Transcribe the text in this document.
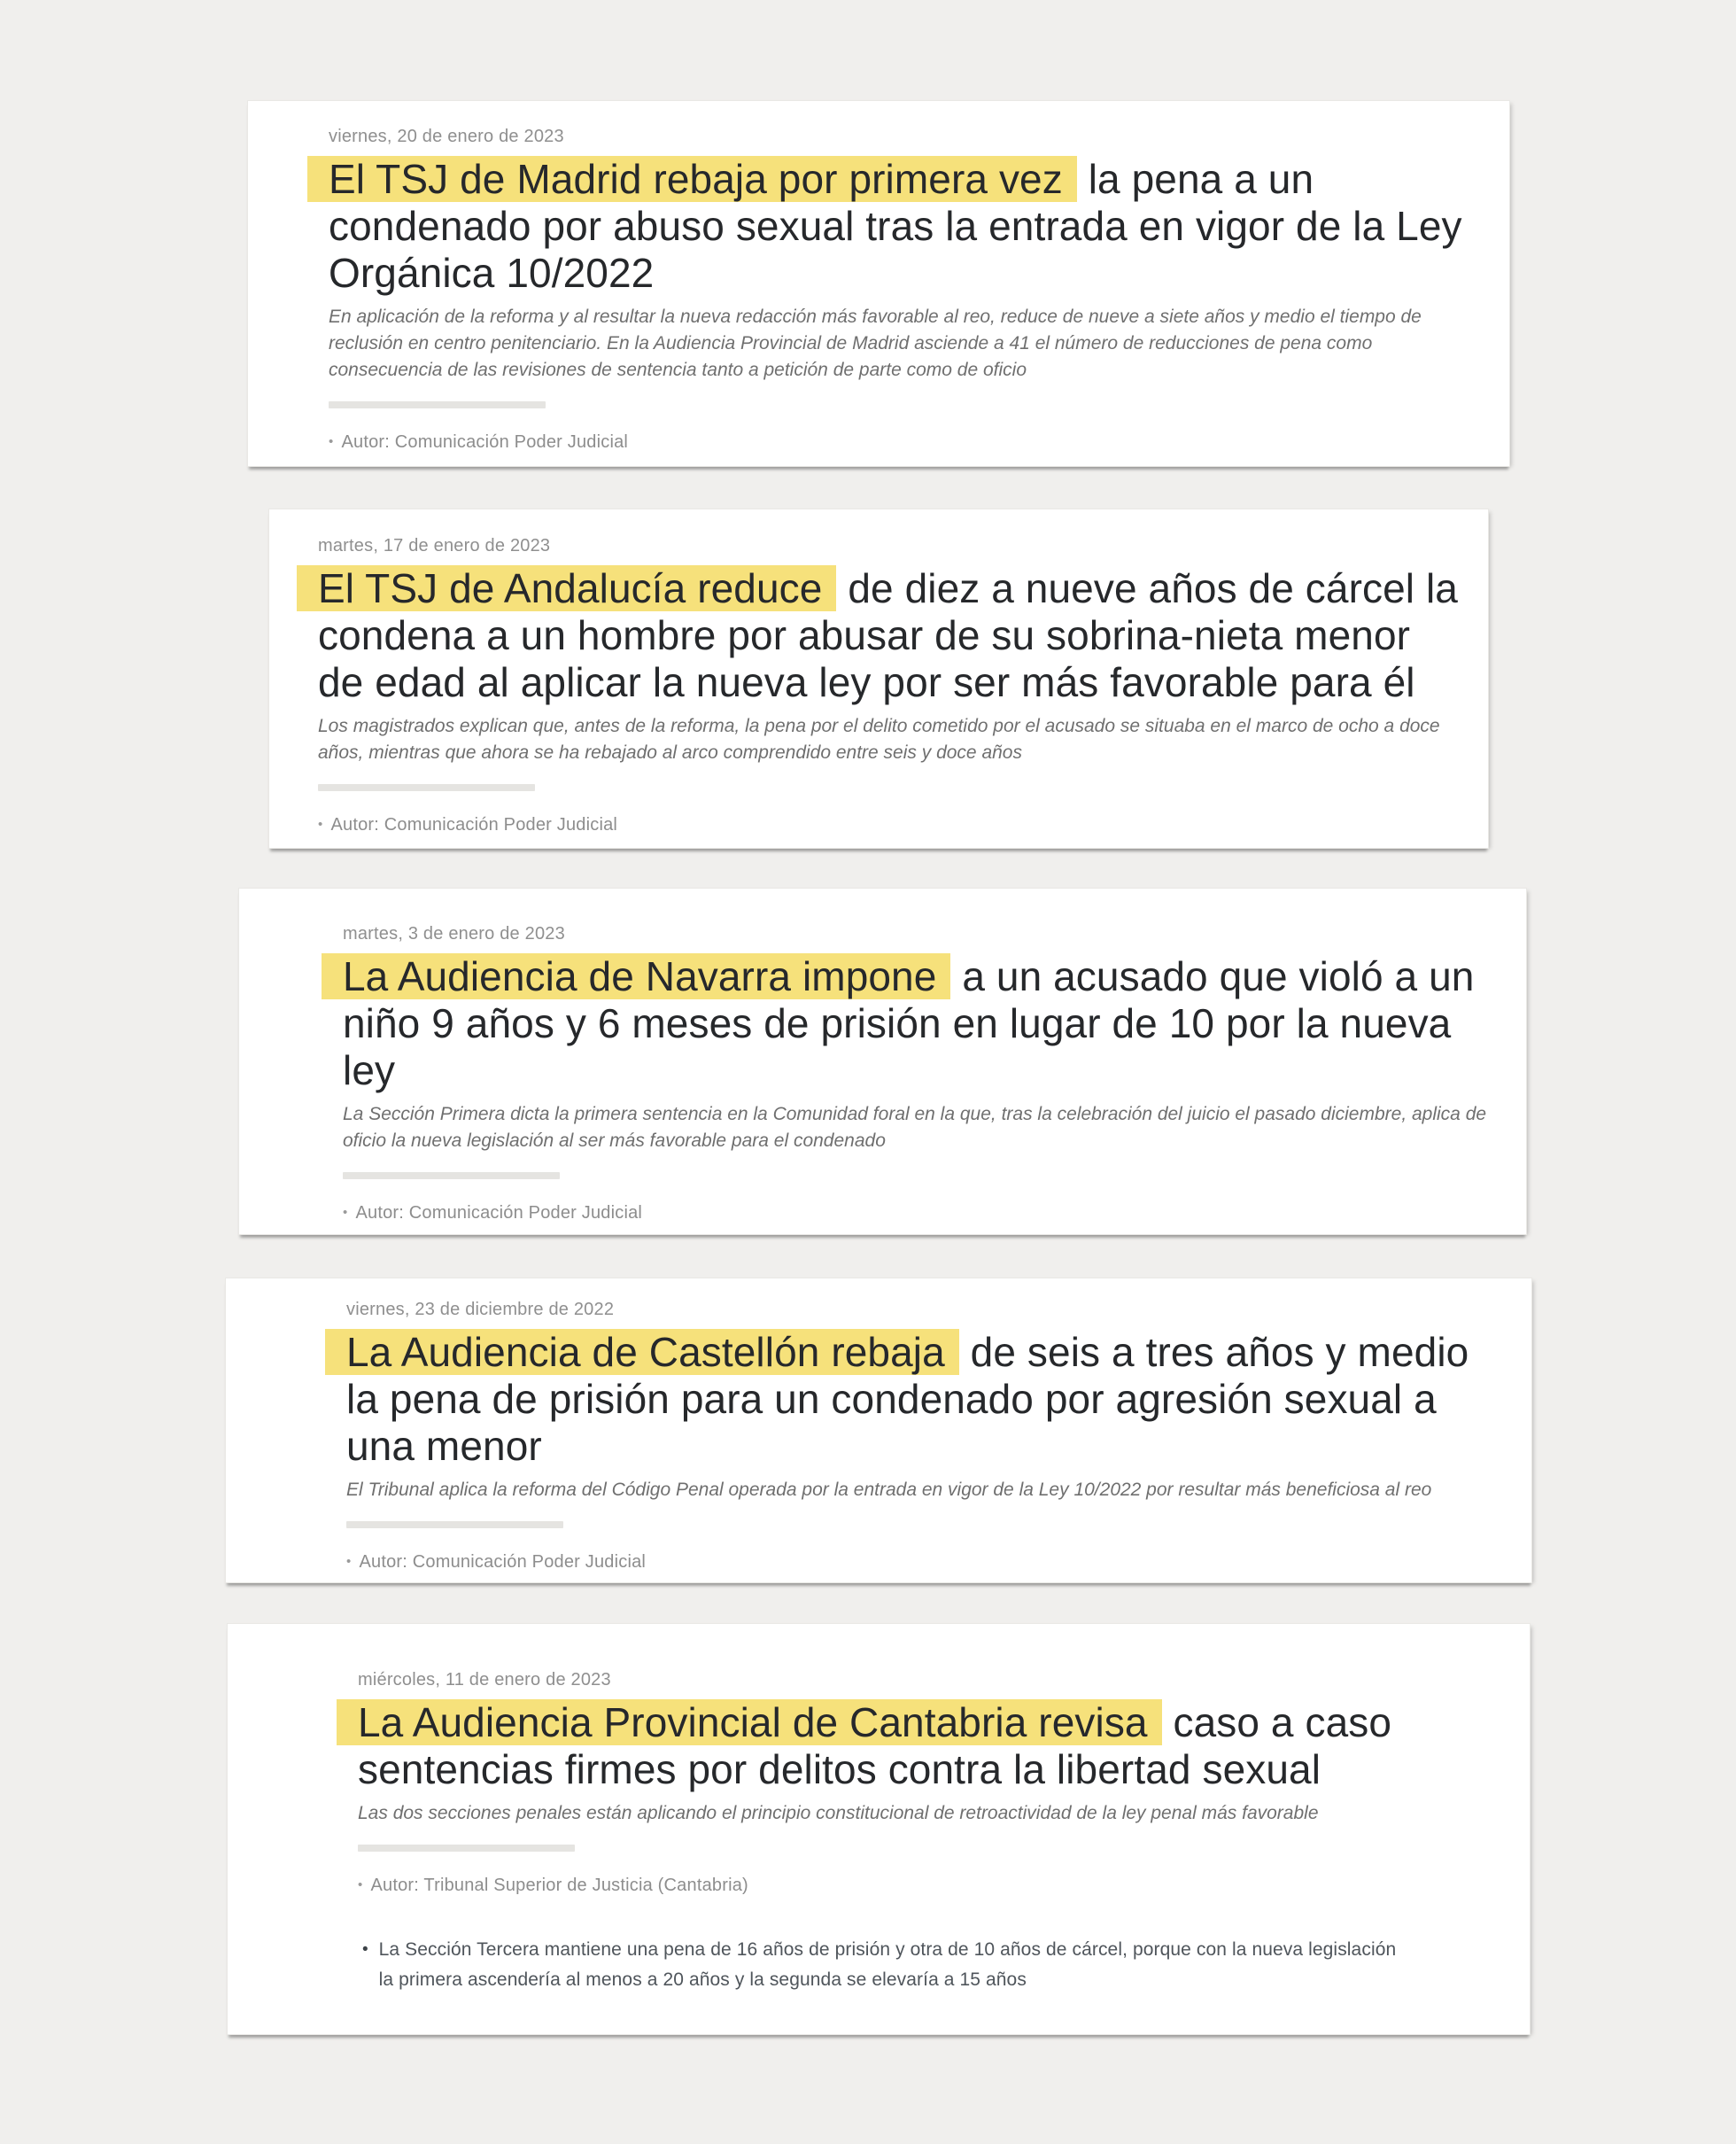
viernes, 20 de enero de 2023
El TSJ de Madrid rebaja por primera vez la pena a un condenado por abuso sexual tras la entrada en vigor de la Ley Orgánica 10/2022

En aplicación de la reforma y al resultar la nueva redacción más favorable al reo, reduce de nueve a siete años y medio el tiempo de reclusión en centro penitenciario. En la Audiencia Provincial de Madrid asciende a 41 el número de reducciones de pena como consecuencia de las revisiones de sentencia tanto a petición de parte como de oficio

• Autor: Comunicación Poder Judicial
martes, 17 de enero de 2023
El TSJ de Andalucía reduce de diez a nueve años de cárcel la condena a un hombre por abusar de su sobrina-nieta menor de edad al aplicar la nueva ley por ser más favorable para él

Los magistrados explican que, antes de la reforma, la pena por el delito cometido por el acusado se situaba en el marco de ocho a doce años, mientras que ahora se ha rebajado al arco comprendido entre seis y doce años

• Autor: Comunicación Poder Judicial
martes, 3 de enero de 2023
La Audiencia de Navarra impone a un acusado que violó a un niño 9 años y 6 meses de prisión en lugar de 10 por la nueva ley

La Sección Primera dicta la primera sentencia en la Comunidad foral en la que, tras la celebración del juicio el pasado diciembre, aplica de oficio la nueva legislación al ser más favorable para el condenado

• Autor: Comunicación Poder Judicial
viernes, 23 de diciembre de 2022
La Audiencia de Castellón rebaja de seis a tres años y medio la pena de prisión para un condenado por agresión sexual a una menor

El Tribunal aplica la reforma del Código Penal operada por la entrada en vigor de la Ley 10/2022 por resultar más beneficiosa al reo

• Autor: Comunicación Poder Judicial
miércoles, 11 de enero de 2023
La Audiencia Provincial de Cantabria revisa caso a caso sentencias firmes por delitos contra la libertad sexual

Las dos secciones penales están aplicando el principio constitucional de retroactividad de la ley penal más favorable

• Autor: Tribunal Superior de Justicia (Cantabria)
• La Sección Tercera mantiene una pena de 16 años de prisión y otra de 10 años de cárcel, porque con la nueva legislación la primera ascendería al menos a 20 años y la segunda se elevaría a 15 años
